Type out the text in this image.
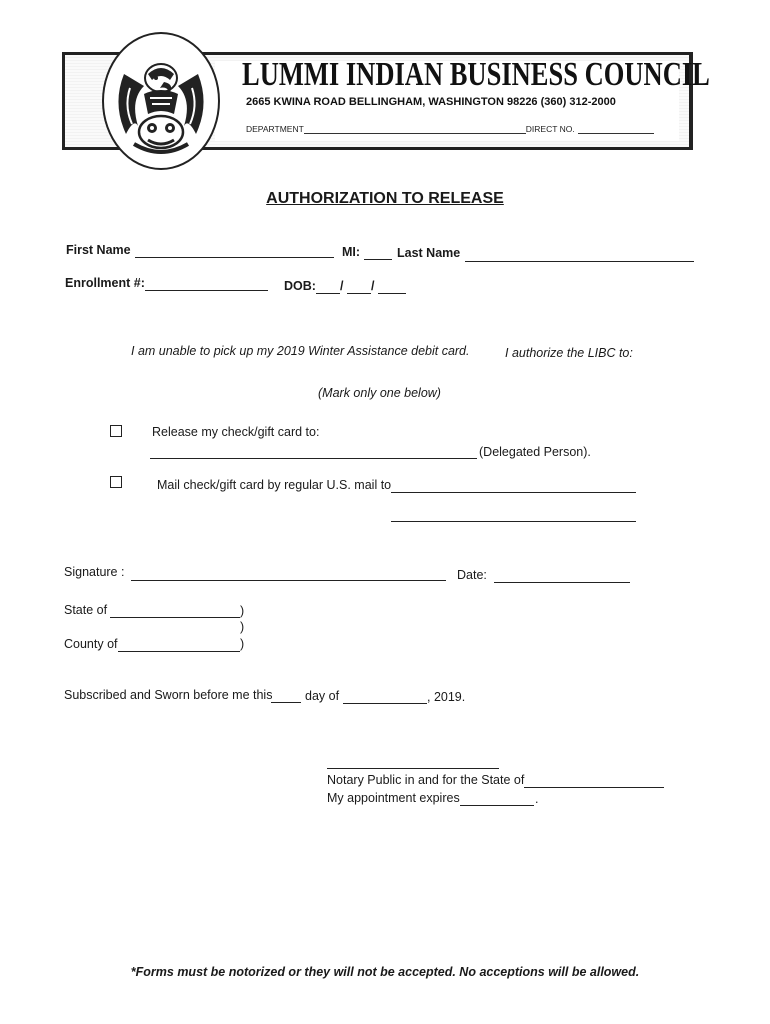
LUMMI INDIAN BUSINESS COUNCIL
2665 KWINA ROAD BELLINGHAM, WASHINGTON 98226 (360) 312-2000
DEPARTMENT	DIRECT NO.
AUTHORIZATION TO RELEASE
First Name	MI:	Last Name
Enrollment #:	DOB: / /
I am unable to pick up my 2019 Winter Assistance debit card.	I authorize the LIBC to:
(Mark only one below)
Release my check/gift card to:
(Delegated Person).
Mail check/gift card by regular U.S. mail to
Signature :	Date:
State of	)
)
County of	)
Subscribed and Sworn before me this	day of	, 2019.
Notary Public in and for the State of
My appointment expires	.
*Forms must be notorized or they will not be accepted. No acceptions will be allowed.
